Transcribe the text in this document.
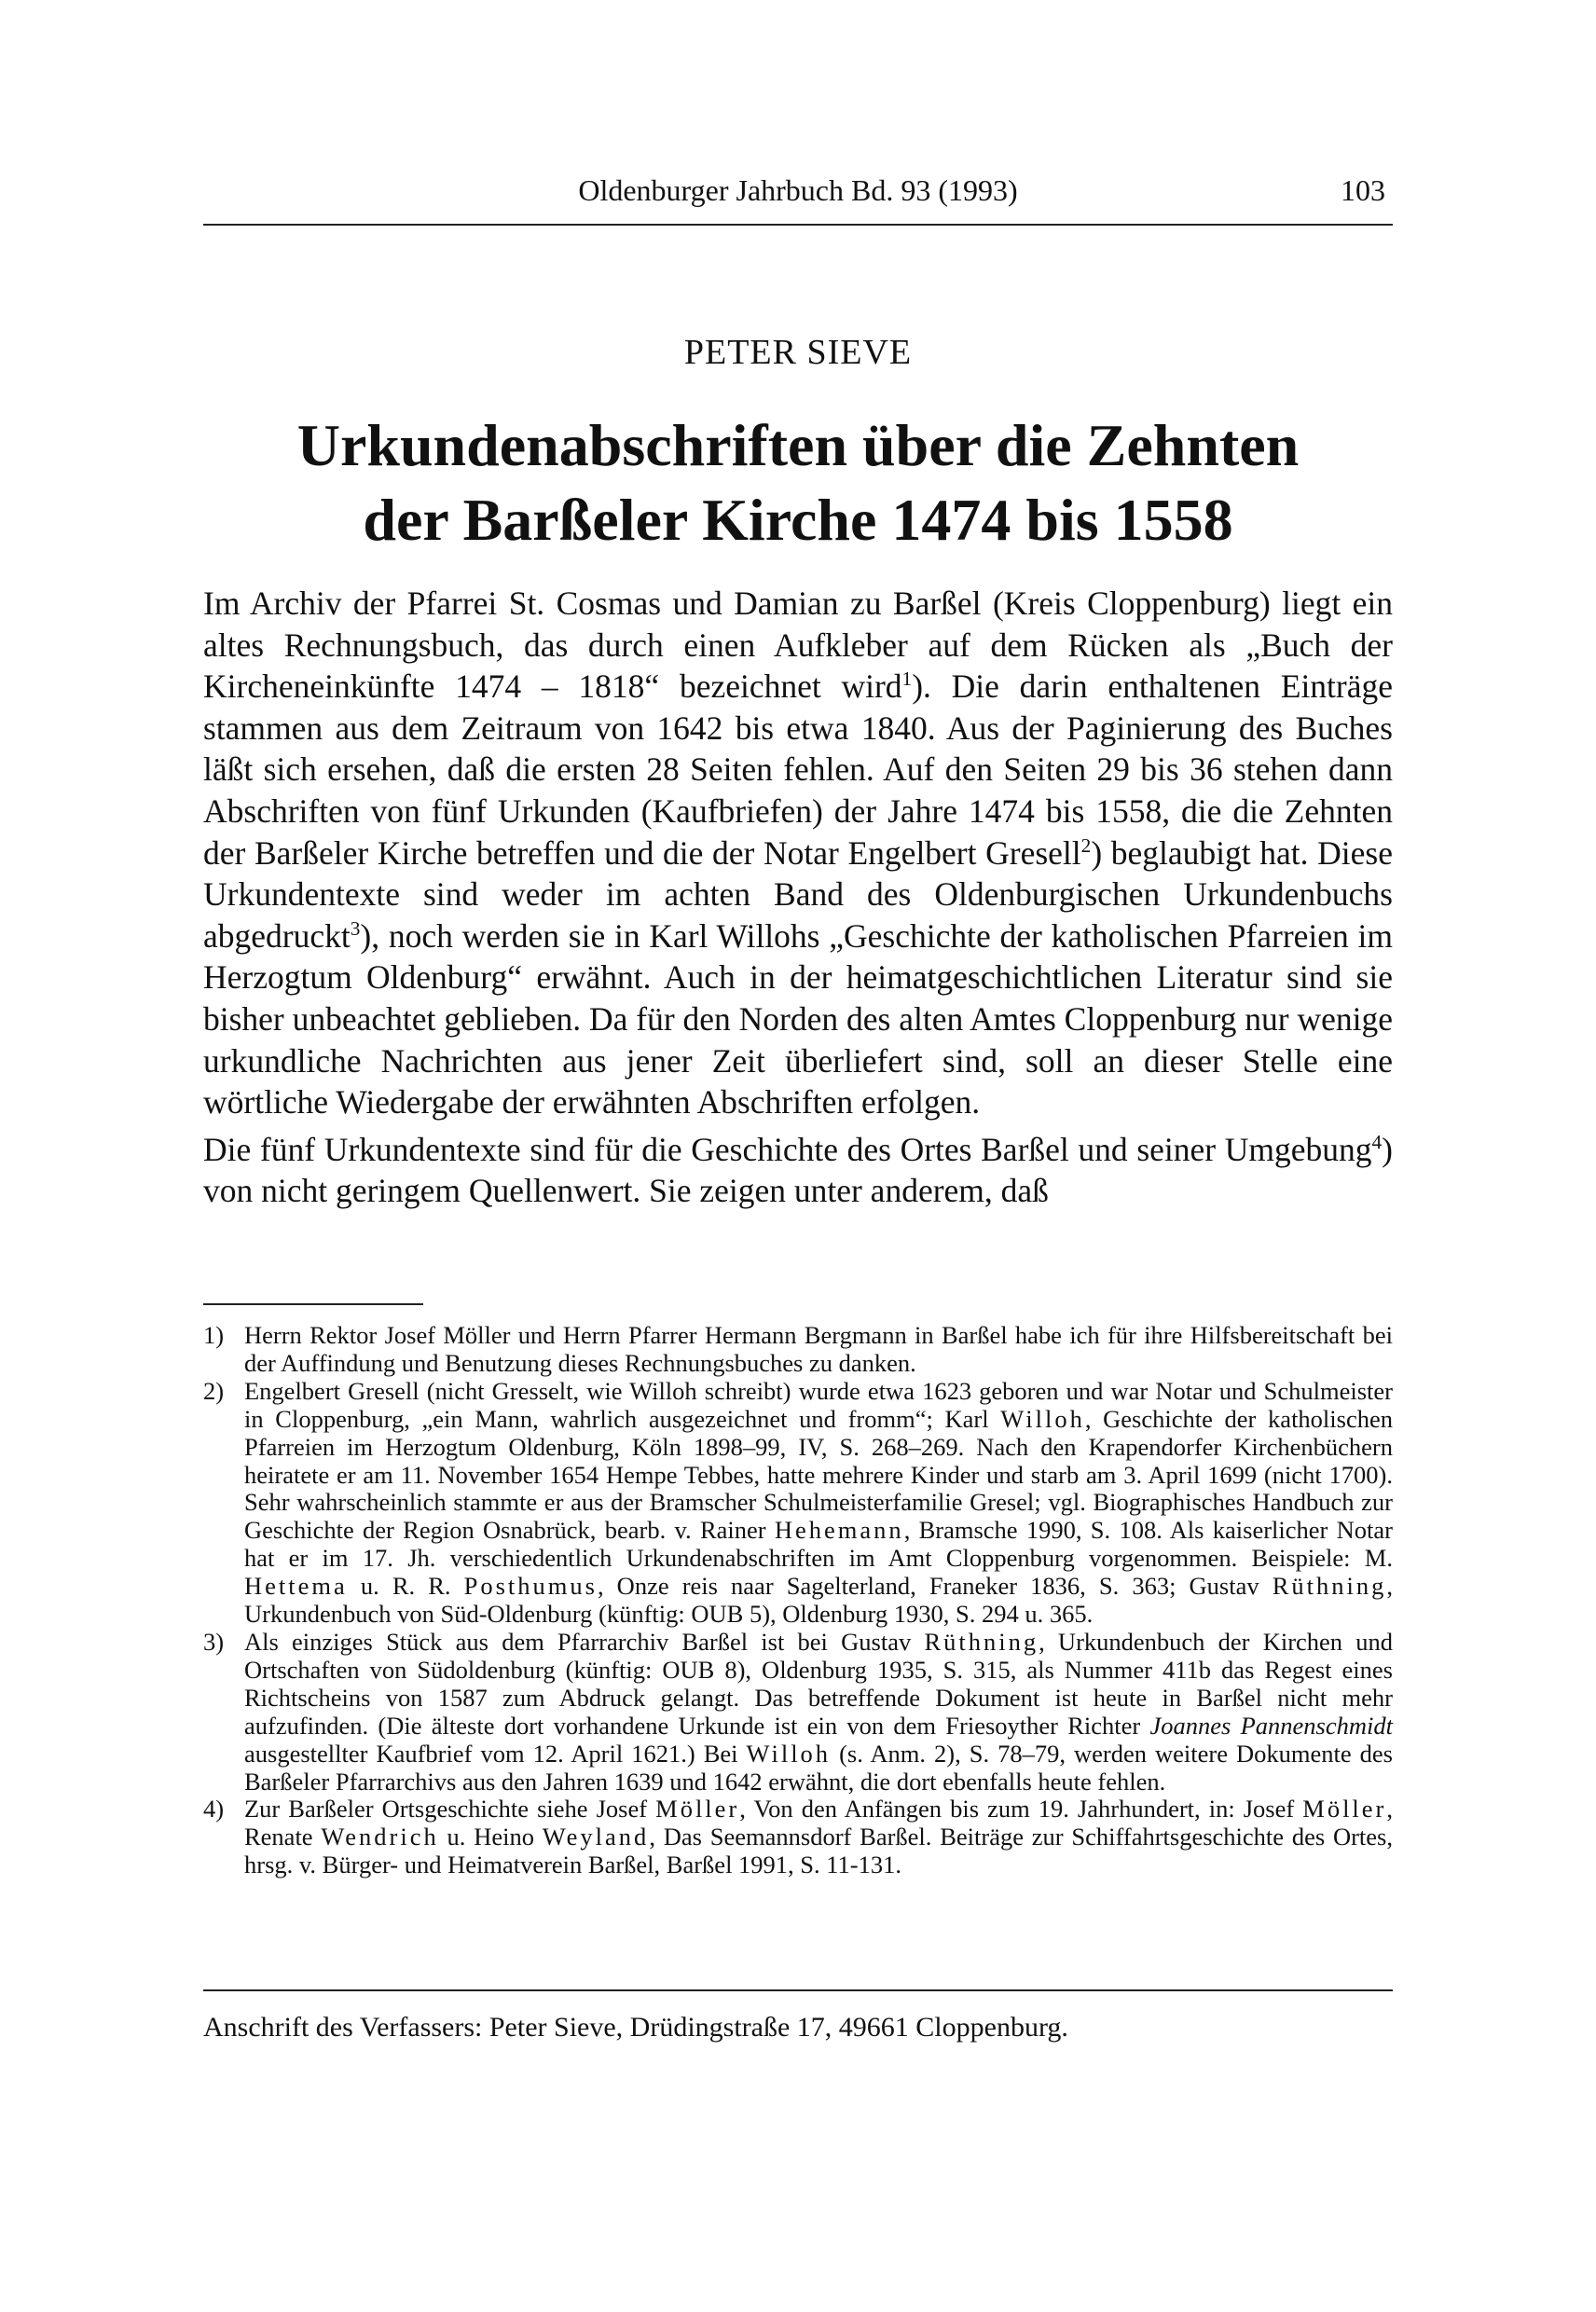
Oldenburger Jahrbuch Bd. 93 (1993)	103
PETER SIEVE
Urkundenabschriften über die Zehnten
der Barßeler Kirche 1474 bis 1558

Im Archiv der Pfarrei St. Cosmas und Damian zu Barßel (Kreis Cloppenburg) liegt ein altes Rechnungsbuch, das durch einen Aufkleber auf dem Rücken als „Buch der Kircheneinkünfte 1474 – 1818“ bezeichnet wird$^1$). Die darin enthaltenen Einträge stammen aus dem Zeitraum von 1642 bis etwa 1840. Aus der Paginierung des Buches läßt sich ersehen, daß die ersten 28 Seiten fehlen. Auf den Seiten 29 bis 36 stehen dann Abschriften von fünf Urkunden (Kaufbriefen) der Jahre 1474 bis 1558, die die Zehnten der Barßeler Kirche betreffen und die der Notar Engelbert Gresell$^2$) beglaubigt hat. Diese Urkundentexte sind weder im achten Band des Oldenburgischen Urkundenbuchs abgedruckt$^3$), noch werden sie in Karl Willohs „Geschichte der katholischen Pfarreien im Herzogtum Oldenburg“ erwähnt. Auch in der heimatgeschichtlichen Literatur sind sie bisher unbeachtet geblieben. Da für den Norden des alten Amtes Cloppenburg nur wenige urkundliche Nachrichten aus jener Zeit überliefert sind, soll an dieser Stelle eine wörtliche Wiedergabe der erwähnten Abschriften erfolgen.

Die fünf Urkundentexte sind für die Geschichte des Ortes Barßel und seiner Umgebung$^4$) von nicht geringem Quellenwert. Sie zeigen unter anderem, daß

1) Herrn Rektor Josef Möller und Herrn Pfarrer Hermann Bergmann in Barßel habe ich für ihre Hilfsbereitschaft bei der Auffindung und Benutzung dieses Rechnungsbuches zu danken.
2) Engelbert Gresell (nicht Gresselt, wie Willoh schreibt) wurde etwa 1623 geboren und war Notar und Schulmeister in Cloppenburg, „ein Mann, wahrlich ausgezeichnet und fromm“; Karl Willoh, Geschichte der katholischen Pfarreien im Herzogtum Oldenburg, Köln 1898–99, IV, S. 268–269. Nach den Krapendorfer Kirchenbüchern heiratete er am 11. November 1654 Hempe Tebbes, hatte mehrere Kinder und starb am 3. April 1699 (nicht 1700). Sehr wahrscheinlich stammte er aus der Bramscher Schulmeisterfamilie Gresel; vgl. Biographisches Handbuch zur Geschichte der Region Osnabrück, bearb. v. Rainer Hehemann, Bramsche 1990, S. 108. Als kaiserlicher Notar hat er im 17. Jh. verschiedentlich Urkundenabschriften im Amt Cloppenburg vorgenommen. Beispiele: M. Hettema u. R. R. Posthumus, Onze reis naar Sagelterland, Franeker 1836, S. 363; Gustav Rüthning, Urkundenbuch von Süd-Oldenburg (künftig: OUB 5), Oldenburg 1930, S. 294 u. 365.
3) Als einziges Stück aus dem Pfarrarchiv Barßel ist bei Gustav Rüthning, Urkundenbuch der Kirchen und Ortschaften von Südoldenburg (künftig: OUB 8), Oldenburg 1935, S. 315, als Nummer 411b das Regest eines Richtscheins von 1587 zum Abdruck gelangt. Das betreffende Dokument ist heute in Barßel nicht mehr aufzufinden. (Die älteste dort vorhandene Urkunde ist ein von dem Friesoyther Richter Joannes Pannenschmidt ausgestellter Kaufbrief vom 12. April 1621.) Bei Willoh (s. Anm. 2), S. 78–79, werden weitere Dokumente des Barßeler Pfarrarchivs aus den Jahren 1639 und 1642 erwähnt, die dort ebenfalls heute fehlen.
4) Zur Barßeler Ortsgeschichte siehe Josef Möller, Von den Anfängen bis zum 19. Jahrhundert, in: Josef Möller, Renate Wendrich u. Heino Weyland, Das Seemannsdorf Barßel. Beiträge zur Schiffahrtsgeschichte des Ortes, hrsg. v. Bürger- und Heimatverein Barßel, Barßel 1991, S. 11-131.
Anschrift des Verfassers: Peter Sieve, Drüdingstraße 17, 49661 Cloppenburg.
